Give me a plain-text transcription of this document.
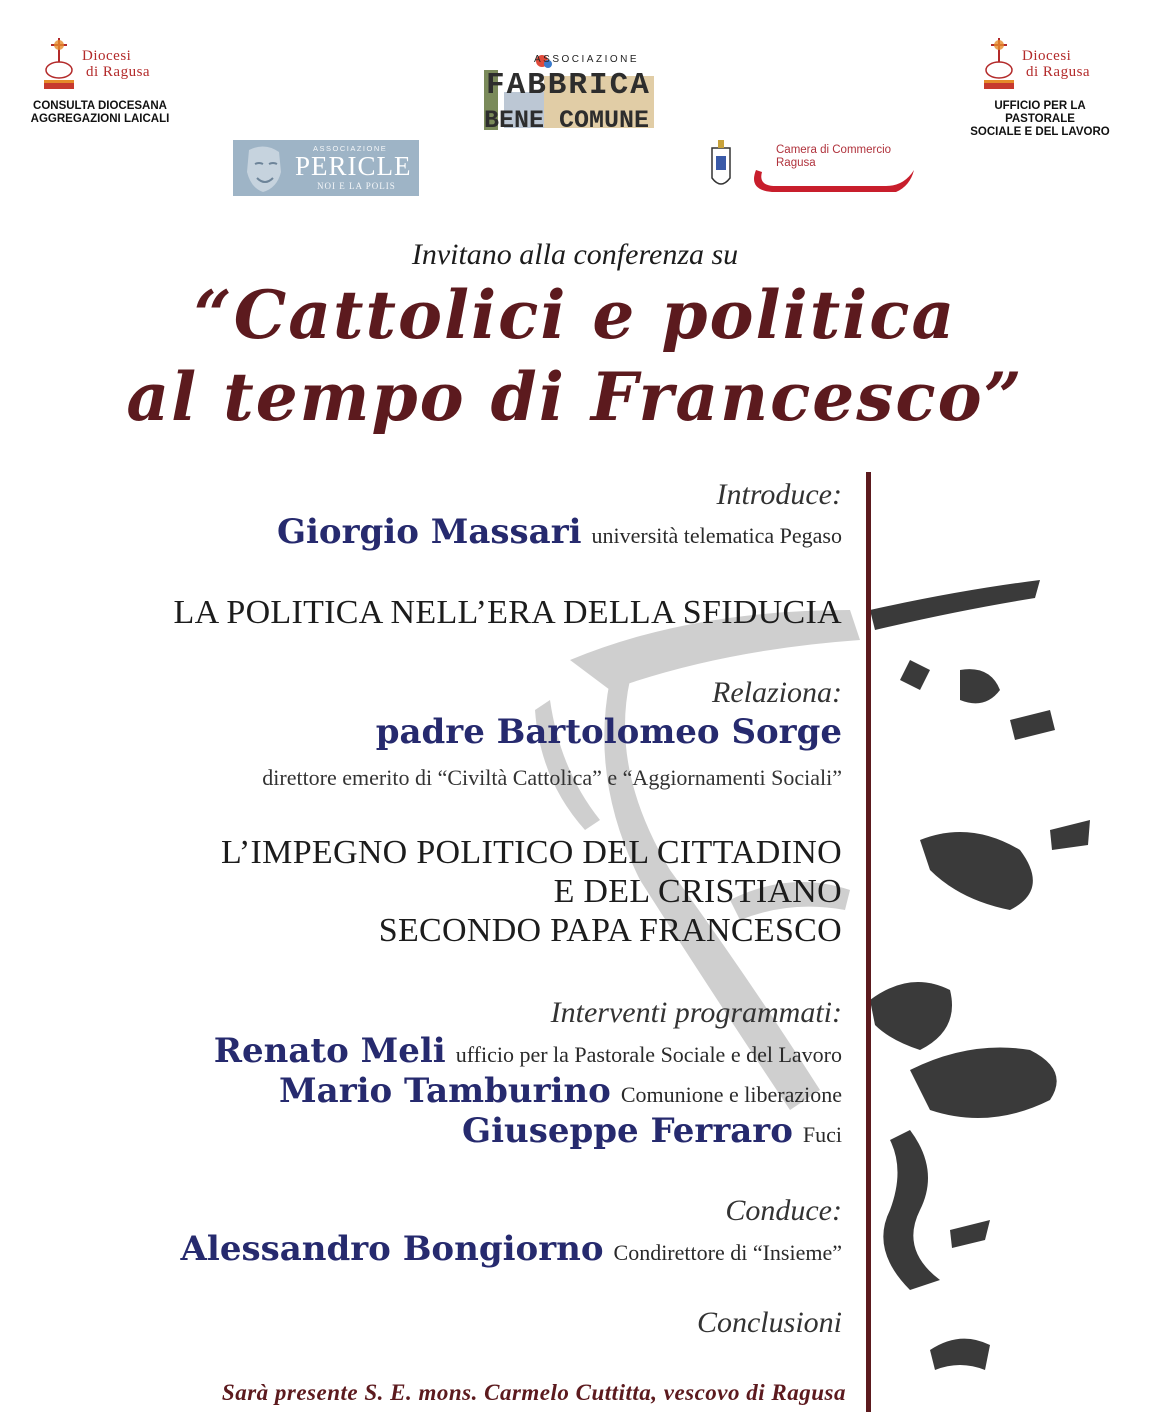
Diocesi
di Ragusa
CONSULTA DIOCESANA
AGGREGAZIONI LAICALI
Diocesi
di Ragusa
UFFICIO PER LA PASTORALE
SOCIALE E DEL LAVORO
ASSOCIAZIONE
FABBRICA
BENE COMUNE
ASSOCIAZIONE
PERICLE
NOI E LA POLIS
Camera di Commercio
Ragusa
Invitano alla conferenza su
“Cattolici e politica
al tempo di Francesco”
Introduce:
Giorgio Massari università telematica Pegaso
LA POLITICA NELL’ERA DELLA SFIDUCIA
Relaziona:
padre Bartolomeo Sorge
direttore emerito di “Civiltà Cattolica” e “Aggiornamenti Sociali”
L’IMPEGNO POLITICO DEL CITTADINO
E DEL CRISTIANO
SECONDO PAPA FRANCESCO
Interventi programmati:
Renato Meli ufficio per la Pastorale Sociale e del Lavoro
Mario Tamburino Comunione e liberazione
Giuseppe Ferraro Fuci
Conduce:
Alessandro Bongiorno Condirettore di “Insieme”
Conclusioni
Sarà presente S. E. mons. Carmelo Cuttitta, vescovo di Ragusa
